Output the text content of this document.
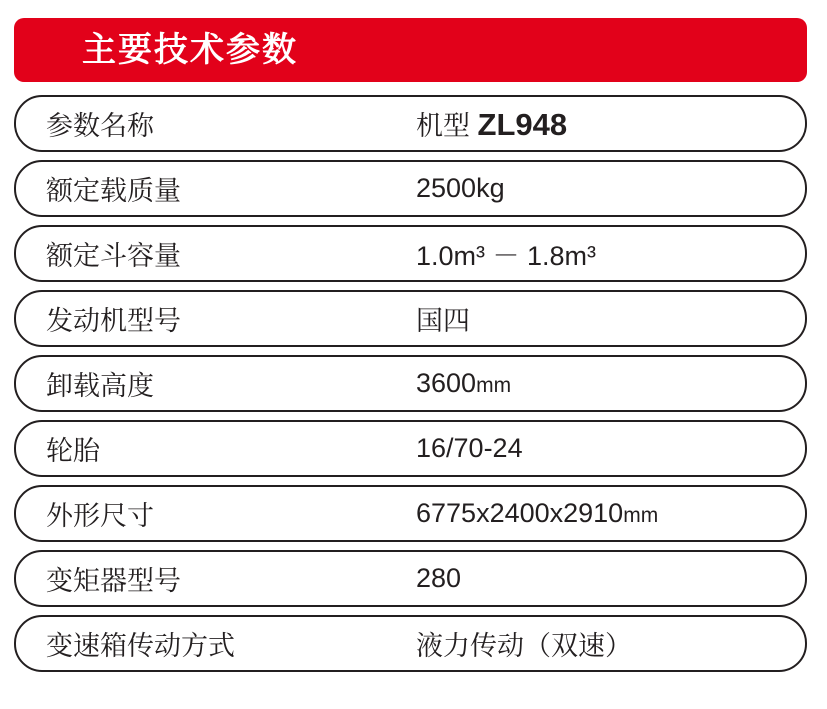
主要技术参数
参数名称	机型 ZL948
额定载质量	2500kg
额定斗容量	1.0m³ － 1.8m³
发动机型号	国四
卸载高度	3600mm
轮胎	16/70-24
外形尺寸	6775x2400x2910mm
变矩器型号	280
变速箱传动方式	液力传动（双速）
